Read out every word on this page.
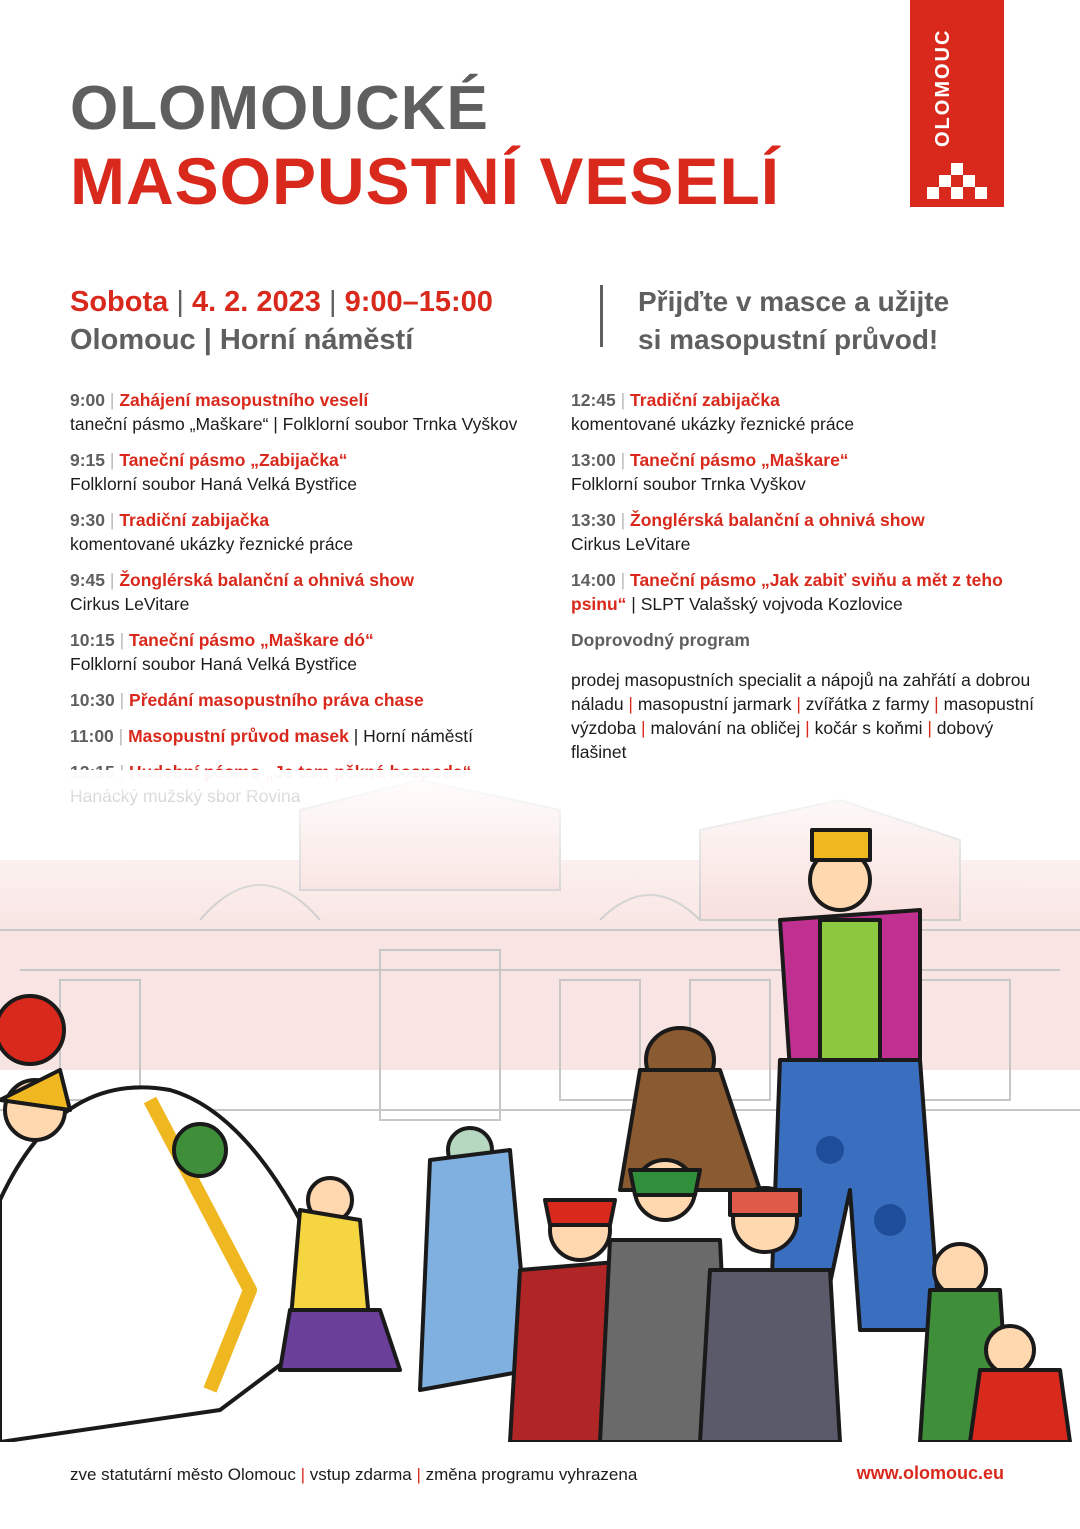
OLOMOUCKÉ
MASOPUSTNÍ VESELÍ
OLOMOUC
Sobota | 4. 2. 2023 | 9:00–15:00
Olomouc | Horní náměstí
Přijďte v masce a užijte
si masopustní průvod!
9:00 | Zahájení masopustního veselí
taneční pásmo „Maškare“ | Folklorní soubor Trnka Vyškov
9:15 | Taneční pásmo „Zabijačka“
Folklorní soubor Haná Velká Bystřice
9:30 | Tradiční zabijačka
komentované ukázky řeznické práce
9:45 | Žonglérská balanční a ohnivá show
Cirkus LeVitare
10:15 | Taneční pásmo „Maškare dó“
Folklorní soubor Haná Velká Bystřice
10:30 | Předání masopustního práva chase
11:00 | Masopustní průvod masek | Horní náměstí
12:45 | Tradiční zabijačka
komentované ukázky řeznické práce
13:00 | Taneční pásmo „Maškare“
Folklorní soubor Trnka Vyškov
13:30 | Žonglérská balanční a ohnivá show
Cirkus LeVitare
14:00 | Taneční pásmo „Jak zabiť sviňu a mět z teho psinu“ | SLPT Valašský vojvoda Kozlovice
Doprovodný program
prodej masopustních specialit a nápojů na zahřátí a dobrou náladu | masopustní jarmark | zvířátka z farmy | masopustní výzdoba | malování na obličej | kočár s koňmi | dobový flašinet
zve statutární město Olomouc | vstup zdarma | změna programu vyhrazena	www.olomouc.eu
